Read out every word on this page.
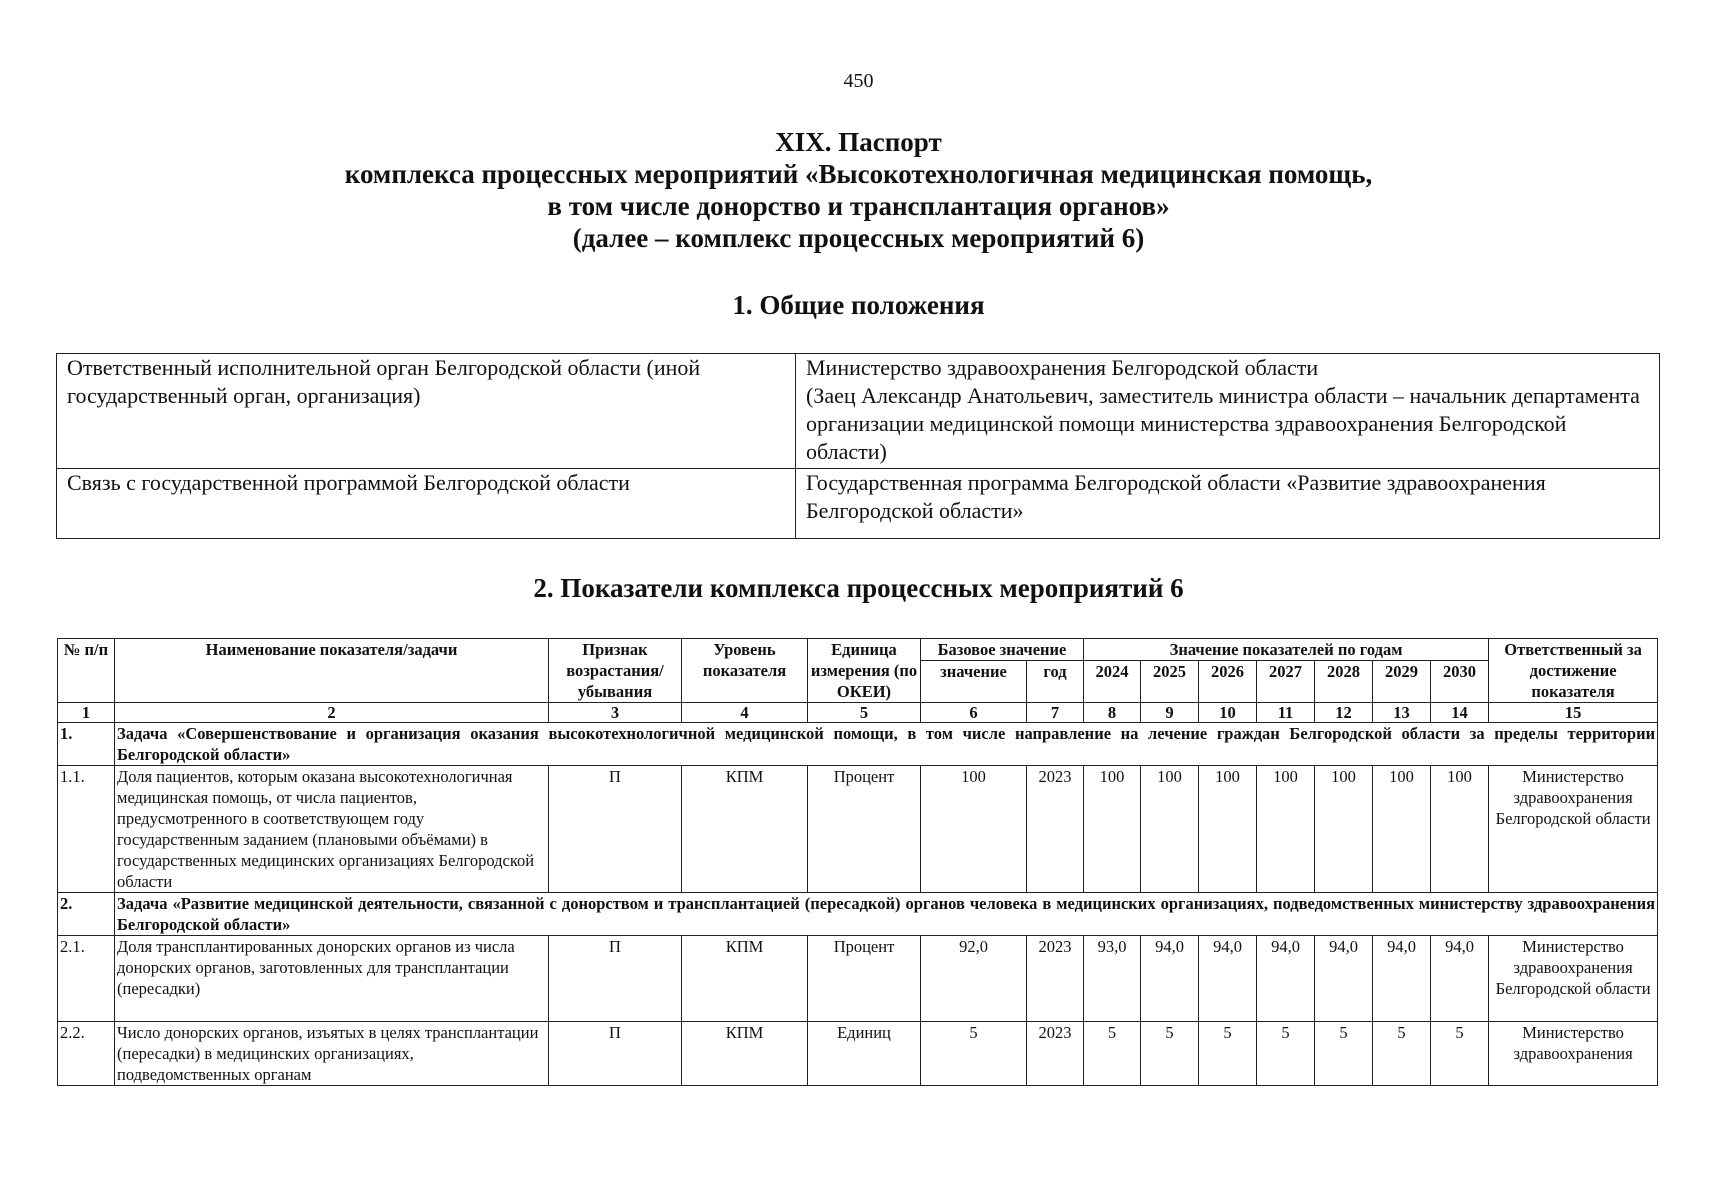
450
XIX. Паспорт
комплекса процессных мероприятий «Высокотехнологичная медицинская помощь,
в том числе донорство и трансплантация органов»
(далее – комплекс процессных мероприятий 6)
1. Общие положения
Ответственный исполнительной орган Белгородской области (иной государственный орган, организация)	Министерство здравоохранения Белгородской области
(Заец Александр Анатольевич, заместитель министра области – начальник департамента организации медицинской помощи министерства здравоохранения Белгородской области)

Связь с государственной программой Белгородской области	Государственная программа Белгородской области «Развитие здравоохранения Белгородской области»
2. Показатели комплекса процессных мероприятий 6
№ п/п	Наименование показателя/задачи	Признак возрастания/ убывания	Уровень показателя	Единица измерения (по ОКЕИ)	Базовое значение		Значение показателей по годам							Ответственный за достижение показателя
					значение	год	2024	2025	2026	2027	2028	2029	2030	
1	2	3	4	5	6	7	8	9	10	11	12	13	14	15
1.	Задача «Совершенствование и организация оказания высокотехнологичной медицинской помощи, в том числе направление на лечение граждан Белгородской области за пределы территории Белгородской области»													
1.1.	Доля пациентов, которым оказана высокотехнологичная медицинская помощь, от числа пациентов, предусмотренного в соответствующем году государственным заданием (плановыми объёмами) в государственных медицинских организациях Белгородской области	П	КПМ	Процент	100	2023	100	100	100	100	100	100	100	Министерство здравоохранения Белгородской области
2.	Задача «Развитие медицинской деятельности, связанной с донорством и трансплантацией (пересадкой) органов человека в медицинских организациях, подведомственных министерству здравоохранения Белгородской области»													
2.1.	Доля трансплантированных донорских органов из числа донорских органов, заготовленных для трансплантации (пересадки)	П	КПМ	Процент	92,0	2023	93,0	94,0	94,0	94,0	94,0	94,0	94,0	Министерство здравоохранения Белгородской области
2.2.	Число донорских органов, изъятых в целях трансплантации (пересадки) в медицинских организациях, подведомственных органам	П	КПМ	Единиц	5	2023	5	5	5	5	5	5	5	Министерство здравоохранения
